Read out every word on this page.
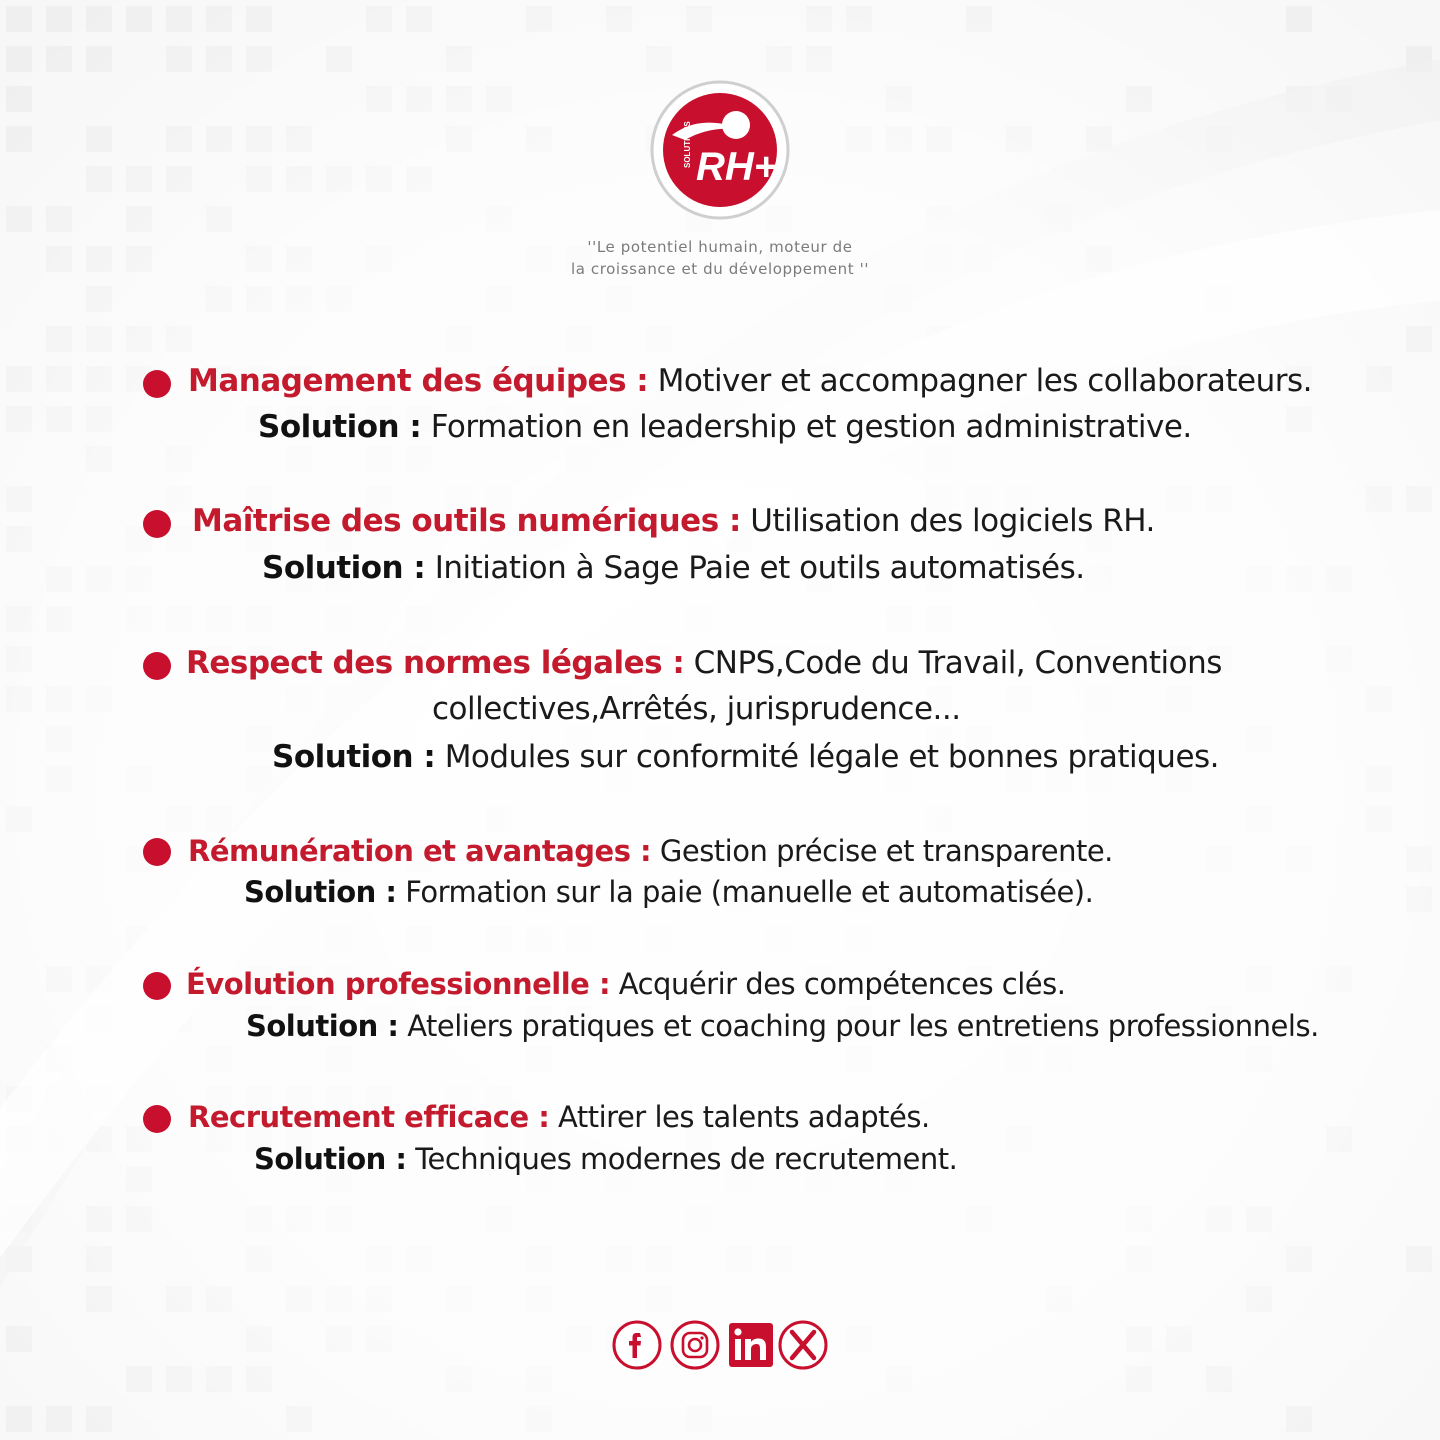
SOLUTIONS RH+
''Le potentiel humain, moteur de
la croissance et du développement ''
Management des équipes : Motiver et accompagner les collaborateurs.
Solution : Formation en leadership et gestion administrative.
Maîtrise des outils numériques : Utilisation des logiciels RH.
Solution : Initiation à Sage Paie et outils automatisés.
Respect des normes légales : CNPS,Code du Travail, Conventions
collectives,Arrêtés, jurisprudence...
Solution : Modules sur conformité légale et bonnes pratiques.
Rémunération et avantages : Gestion précise et transparente.
Solution : Formation sur la paie (manuelle et automatisée).
Évolution professionnelle : Acquérir des compétences clés.
Solution : Ateliers pratiques et coaching pour les entretiens professionnels.
Recrutement efficace : Attirer les talents adaptés.
Solution : Techniques modernes de recrutement.
